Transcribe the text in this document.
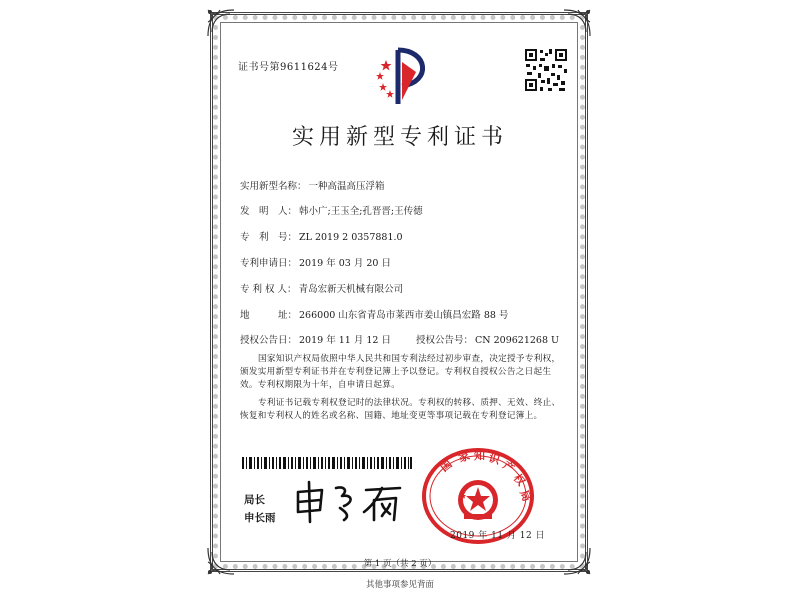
证书号第9611624号
实用新型专利证书
实用新型名称： 一种高温高压浮箱
发　明　人： 韩小广;王玉全;孔晋晋;王传德
专　利　号： ZL 2019 2 0357881.0
专利申请日： 2019 年 03 月 20 日
专 利 权 人： 青岛宏新天机械有限公司
地　　　址： 266000 山东省青岛市莱西市姜山镇昌宏路 88 号
授权公告日： 2019 年 11 月 12 日	授权公告号： CN 209621268 U
国家知识产权局依照中华人民共和国专利法经过初步审查，决定授予专利权，颁发实用新型专利证书并在专利登记簿上予以登记。专利权自授权公告之日起生效。专利权期限为十年，自申请日起算。
专利证书记载专利权登记时的法律状况。专利权的转移、质押、无效、终止、恢复和专利权人的姓名或名称、国籍、地址变更等事项记载在专利登记簿上。
局长
申长雨
国
家 知 识
产
权
局
2019 年 11 月 12 日
第 1 页（共 2 页）
其他事项参见背面
